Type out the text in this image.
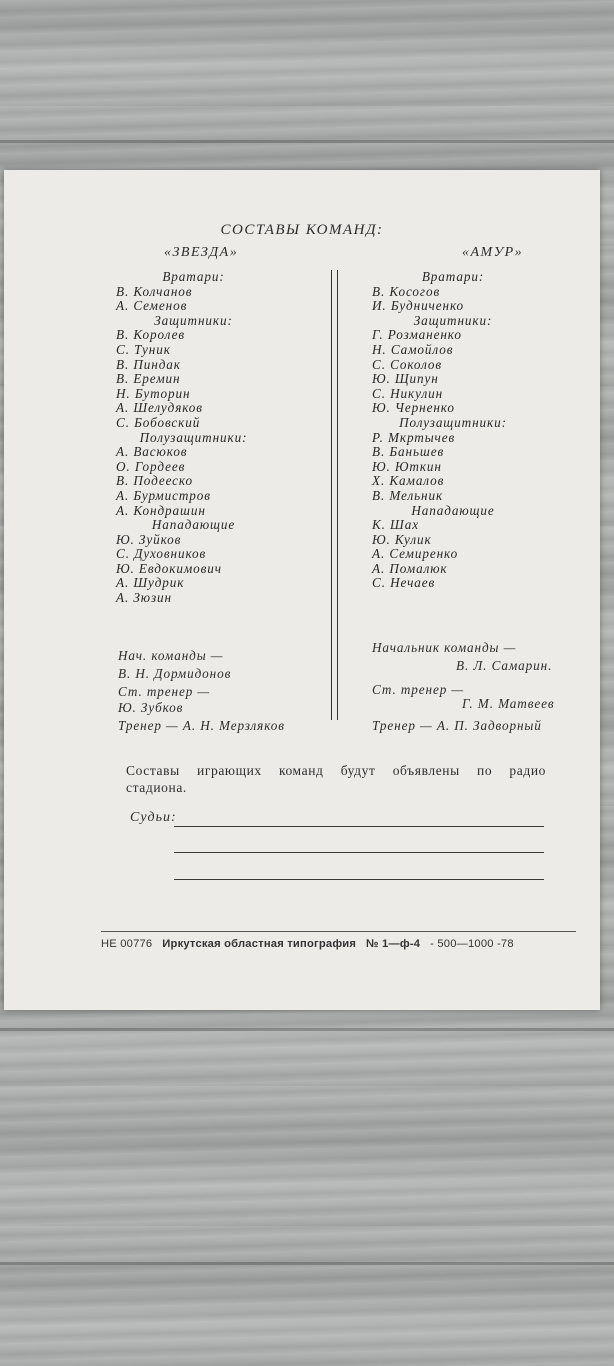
СОСТАВЫ КОМАНД:
«ЗВЕЗДА»	«АМУР»
Вратари:
В. Колчанов
А. Семенов
Защитники:
В. Королев
С. Туник
В. Пиндак
В. Еремин
Н. Буторин
А. Шелудяков
С. Бобовский
Полузащитники:
А. Васюков
О. Гордеев
В. Подееско
А. Бурмистров
А. Кондрашин
Нападающие
Ю. Зуйков
С. Духовников
Ю. Евдокимович
А. Шудрик
А. Зюзин
Вратари:
В. Косогов
И. Будниченко
Защитники:
Г. Розманенко
Н. Самойлов
С. Соколов
Ю. Щипун
С. Никулин
Ю. Черненко
Полузащитники:
Р. Мкртычев
В. Баньшев
Ю. Юткин
Х. Камалов
В. Мельник
Нападающие
К. Шах
Ю. Кулик
А. Семиренко
А. Помалюк
С. Нечаев
Нач. команды —
В. Н. Дормидонов
Ст. тренер —
Ю. Зубков
Тренер — А. Н. Мерзляков
Начальник команды —
В. Л. Самарин.
Ст. тренер —
Г. М. Матвеев
Тренер — А. П. Задворный
Составы играющих команд будут объявлены по радио
стадиона.
Судьи:
НЕ 00776 Иркутская областная типография № 1—ф-4 - 500—1000 -78
